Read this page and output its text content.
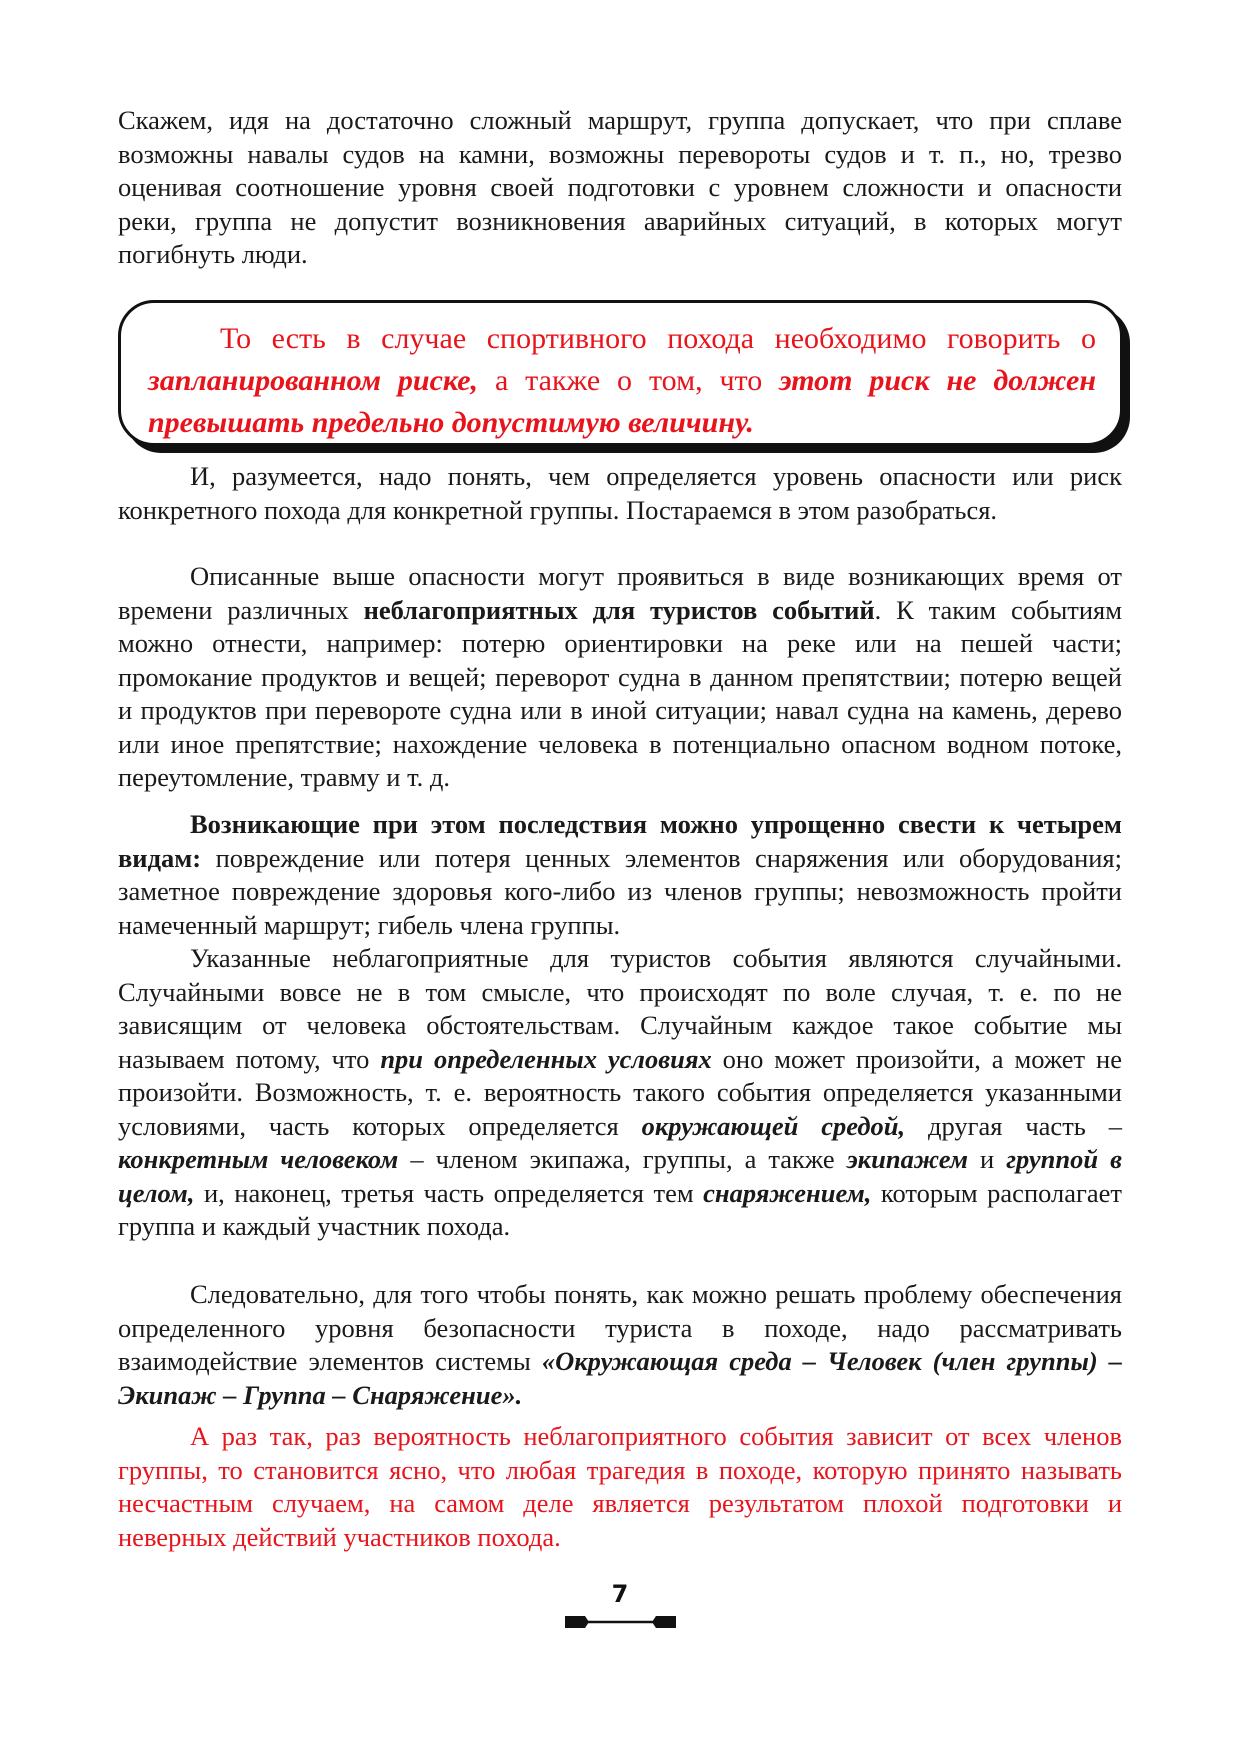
Скажем, идя на достаточно сложный маршрут, группа допускает, что при сплаве возможны навалы судов на камни, возможны перевороты судов и т. п., но, трезво оценивая соотношение уровня своей подготовки с уровнем сложности и опасности реки, группа не допустит возникновения аварийных ситуаций, в которых могут погибнуть люди.

То есть в случае спортивного похода необходимо говорить о запланированном риске, а также о том, что этот риск не должен превышать предельно допустимую величину.

И, разумеется, надо понять, чем определяется уровень опасности или риск конкретного похода для конкретной группы. Постараемся в этом разобраться.

Описанные выше опасности могут проявиться в виде возникающих время от времени различных неблагоприятных для туристов событий. К таким событиям можно отнести, например: потерю ориентировки на реке или на пешей части; промокание продуктов и вещей; переворот судна в данном препятствии; потерю вещей и продуктов при перевороте судна или в иной ситуации; навал судна на камень, дерево или иное препятствие; нахождение человека в потенциально опасном водном потоке, переутомление, травму и т. д.

Возникающие при этом последствия можно упрощенно свести к четырем видам: повреждение или потеря ценных элементов снаряжения или оборудования; заметное повреждение здоровья кого-либо из членов группы; невозможность пройти намеченный маршрут; гибель члена группы.

Указанные неблагоприятные для туристов события являются случайными. Случайными вовсе не в том смысле, что происходят по воле случая, т. е. по не зависящим от человека обстоятельствам. Случайным каждое такое событие мы называем потому, что при определенных условиях оно может произойти, а может не произойти. Возможность, т. е. вероятность такого события определяется указанными условиями, часть которых определяется окружающей средой, другая часть – конкретным человеком – членом экипажа, группы, а также экипажем и группой в целом, и, наконец, третья часть определяется тем снаряжением, которым располагает группа и каждый участник похода.

Следовательно, для того чтобы понять, как можно решать проблему обеспечения определенного уровня безопасности туриста в походе, надо рассматривать взаимодействие элементов системы «Окружающая среда – Человек (член группы) – Экипаж – Группа – Снаряжение».

А раз так, раз вероятность неблагоприятного события зависит от всех членов группы, то становится ясно, что любая трагедия в походе, которую принято называть несчастным случаем, на самом деле является результатом плохой подготовки и неверных действий участников похода.

7
